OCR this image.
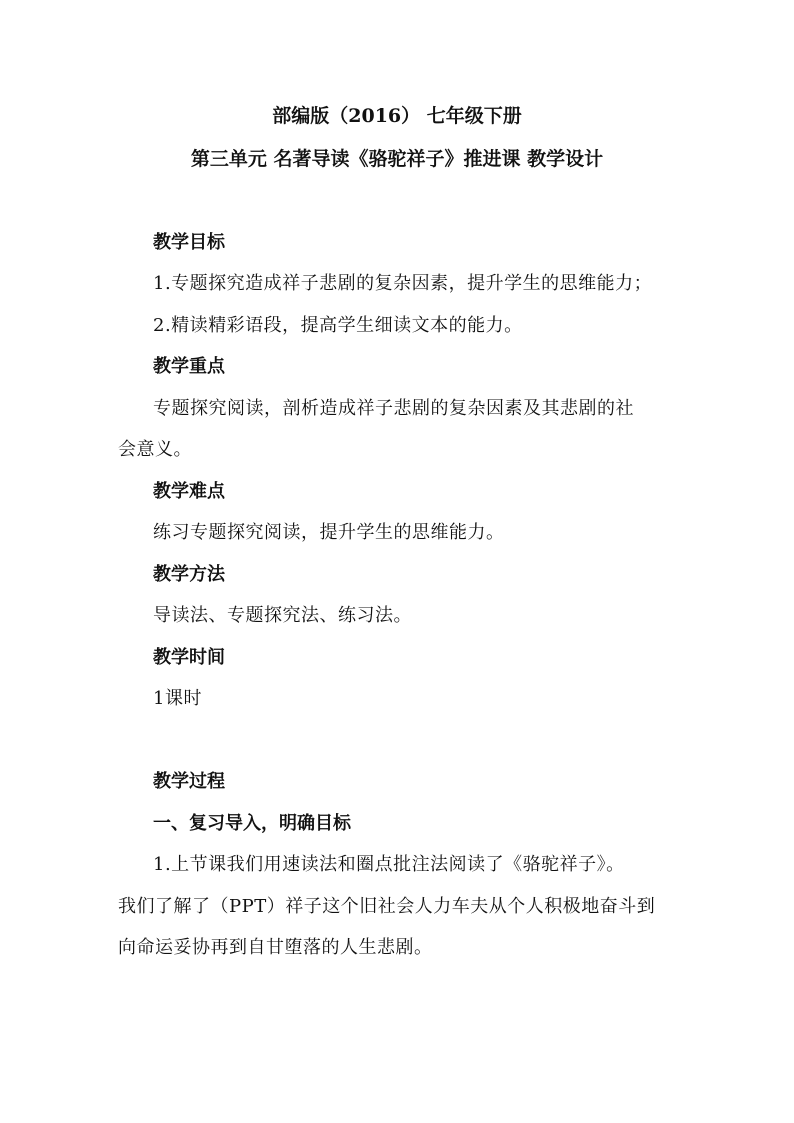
部编版（2016） 七年级下册
第三单元 名著导读《骆驼祥子》推进课 教学设计
教学目标
1.专题探究造成祥子悲剧的复杂因素，提升学生的思维能力；
2.精读精彩语段，提高学生细读文本的能力。
教学重点
专题探究阅读，剖析造成祥子悲剧的复杂因素及其悲剧的社
会意义。
教学难点
练习专题探究阅读，提升学生的思维能力。
教学方法
导读法、专题探究法、练习法。
教学时间
1课时
教学过程
一、复习导入，明确目标
1.上节课我们用速读法和圈点批注法阅读了《骆驼祥子》。
我们了解了（PPT）祥子这个旧社会人力车夫从个人积极地奋斗到
向命运妥协再到自甘堕落的人生悲剧。
